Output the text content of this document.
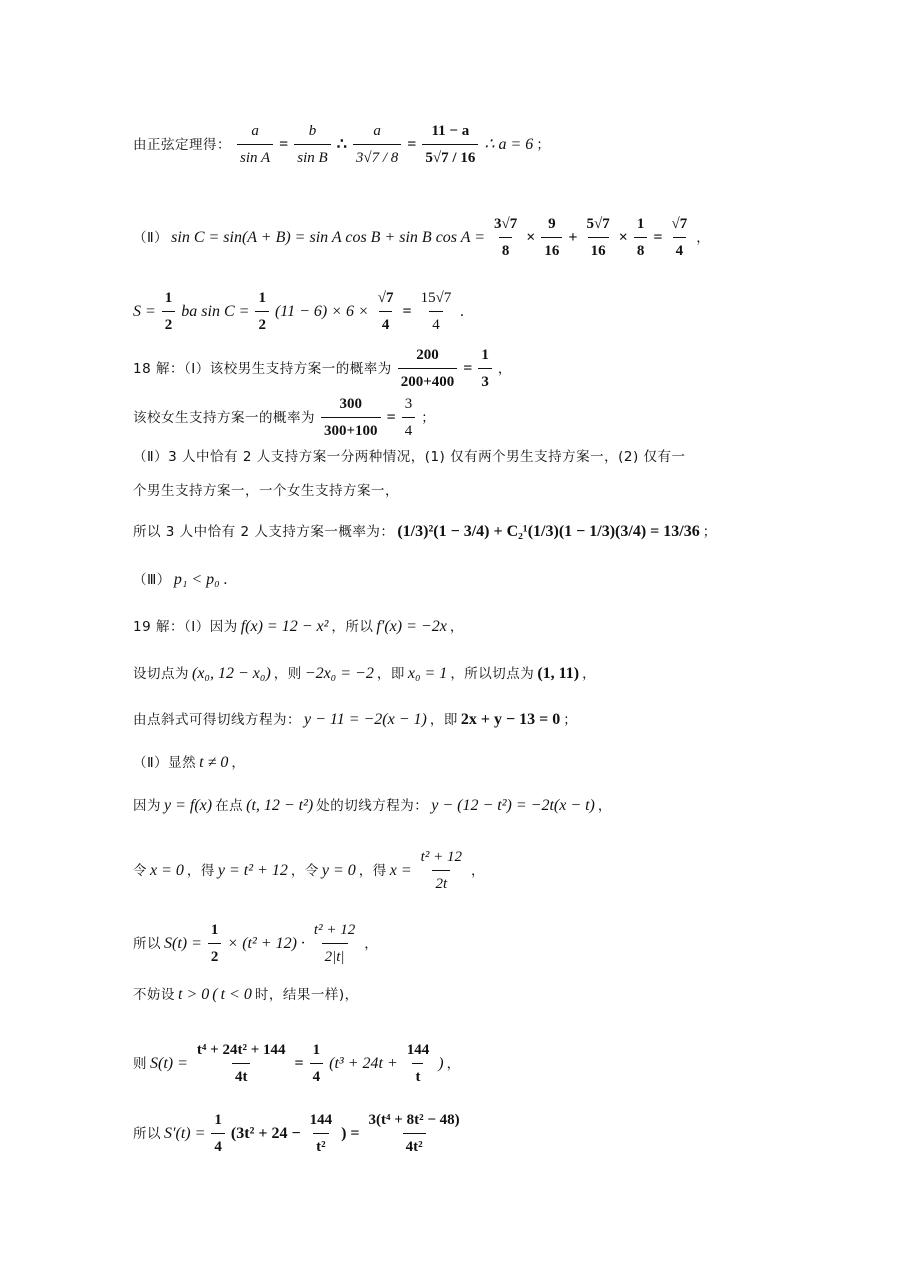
由正弦定理得： $\frac{a}{\text{sin A}} = \frac{b}{\text{sin B}}$ ∴ $\frac{a}{3√7 / 8} = \frac{11 - a}{5√7 / 16}$ ∴ a = 6 ；
（Ⅱ） sin C = sin(A + B) = sin A cos B + sin B $\cos A = \frac{3√7}{8} \times \frac{9}{16} + \frac{5√7}{16} \times \frac{1}{8} = \frac{√7}{4}$ ，
$S = \frac{1}{2}$ ba $\sin C = \frac{1}{2} (11 - 6) \times 6 \times \frac{√7}{4} = \frac{15√7}{4}$ .
18 解：（Ⅰ）该校男生支持方案一的概率为 $\frac{200}{200+400} = \frac{1}{3}$ ，
该校女生支持方案一的概率为 $\frac{300}{300+100} = \frac{3}{4}$ ；
（Ⅱ）3 人中恰有 2 人支持方案一分两种情况，(1) 仅有两个男生支持方案一，(2) 仅有一
个男生支持方案一，一个女生支持方案一，
所以 3 人中恰有 2 人支持方案一概率为： (1/3)²(1 − 3/4) + C₂¹(1/3)(1 − 1/3)(3/4) = 13/36 ；
（Ⅲ） p₁ < p₀ .
19 解：（Ⅰ）因为 f(x) = 12 − x² ，所以 f′(x) = −2x ，
设切点为 (x₀, 12 − x₀) ，则 −2x₀ = −2 ，即 x₀ = 1 ，所以切点为 (1, 11) ，
由点斜式可得切线方程为： y − 11 = −2(x − 1) ，即 2x + y − 13 = 0 ；
（Ⅱ）显然 t ≠ 0 ，
因为 y = f(x) 在点 (t, 12 − t²) 处的切线方程为： y − (12 − t²) = −2t(x − t) ，
令 x = 0 ，得 y = t² + 12 ，令 y = 0 ，得 $x = \frac{\text{t² + 12}}{2t}$ ，
所以 $S(t) = \frac{1}{2} \times (t^2 + 12) \cdot \frac{\text{t² + 12}}{2|t|}$ ，
不妨设 t > 0 ( t < 0 时，结果一样)，
则 $S(t) = \frac{\text{t⁴ + 24t² + 144}}{4t} = \frac{1}{4} (t^3 + 24t + \frac{144}{t}$ ) ，
所以 $S'(t) = \frac{1}{4} (3t^2 + 24 - \frac{144}{\text{t²}}$ ) = $\frac{\text{3(t⁴ + 8t² − 48)}}{\text{4t²}}$
